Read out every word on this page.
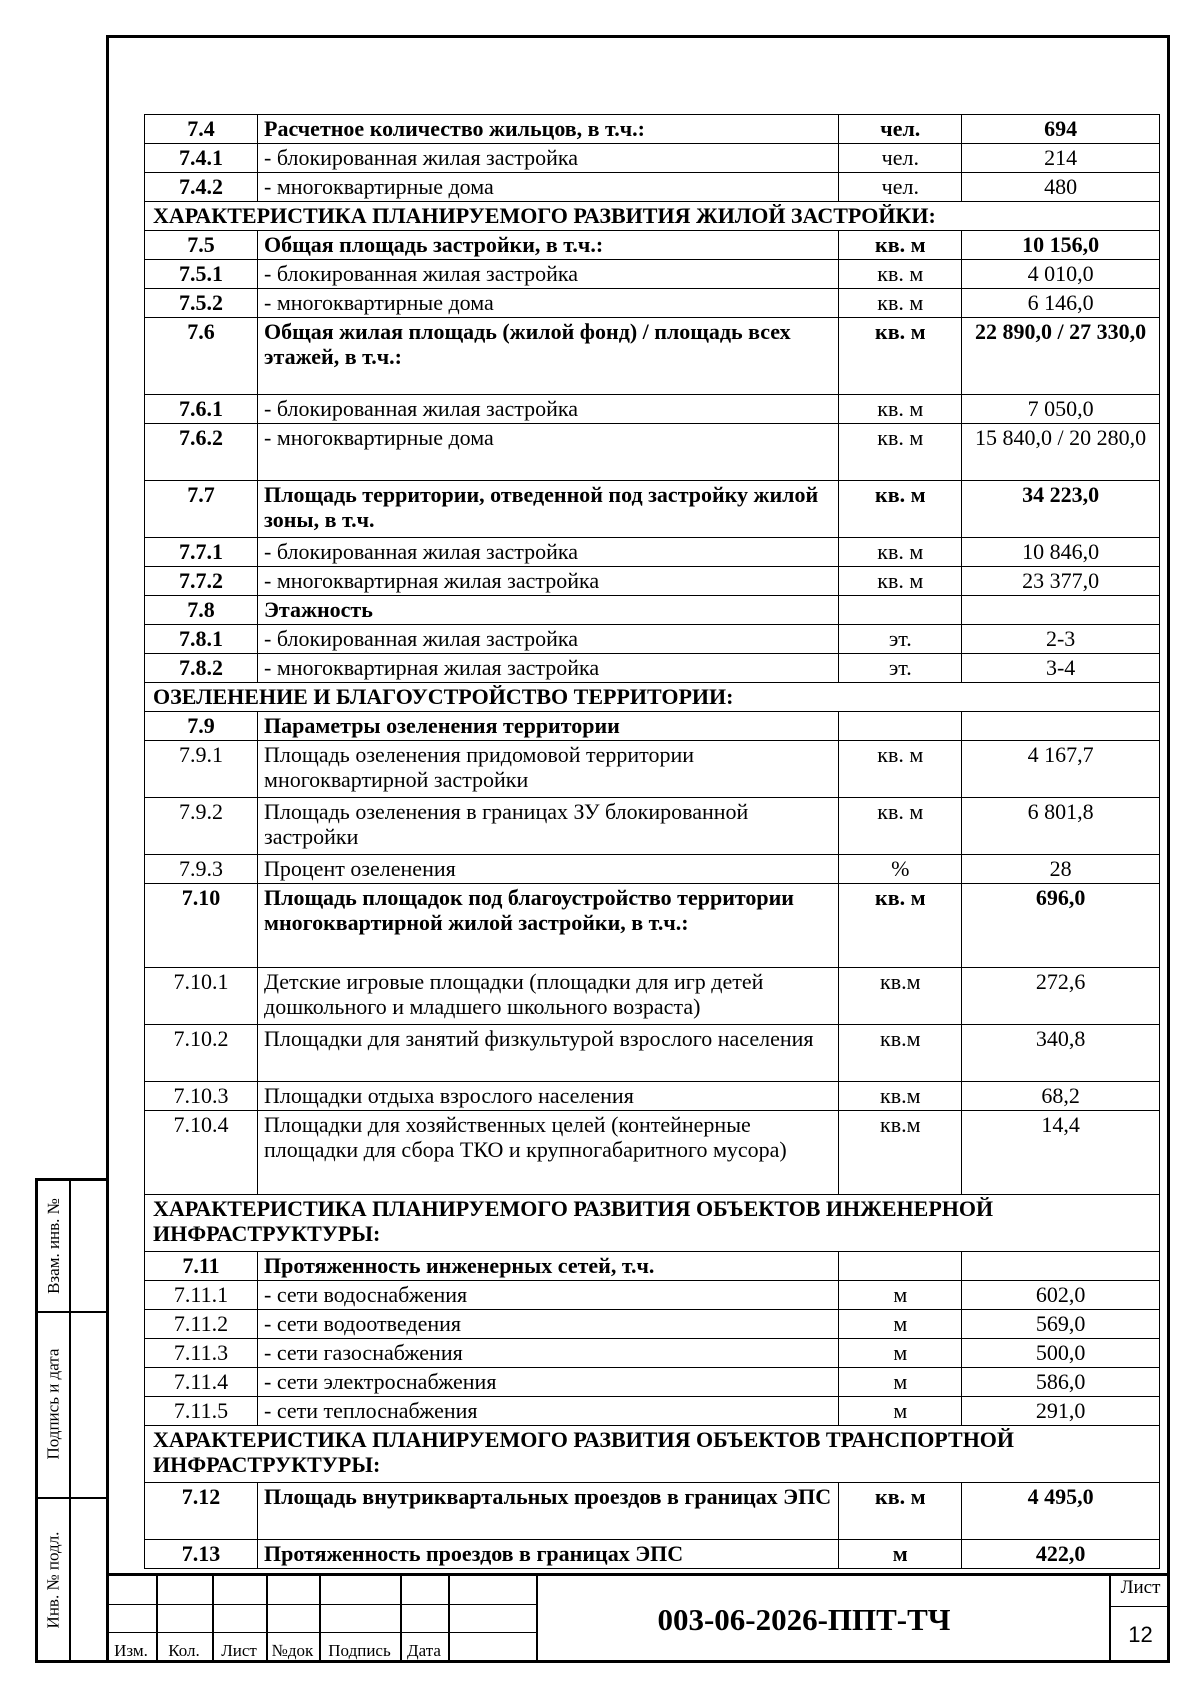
7.4	Расчетное количество жильцов, в т.ч.:	чел.	694
7.4.1	- блокированная жилая застройка	чел.	214
7.4.2	- многоквартирные дома	чел.	480
ХАРАКТЕРИСТИКА ПЛАНИРУЕМОГО РАЗВИТИЯ ЖИЛОЙ ЗАСТРОЙКИ:			
7.5	Общая площадь застройки, в т.ч.:	кв. м	10 156,0
7.5.1	- блокированная жилая застройка	кв. м	4 010,0
7.5.2	- многоквартирные дома	кв. м	6 146,0
7.6	Общая жилая площадь (жилой фонд) / площадь всех этажей, в т.ч.:	кв. м	22 890,0 / 27 330,0
7.6.1	- блокированная жилая застройка	кв. м	7 050,0
7.6.2	- многоквартирные дома	кв. м	15 840,0 / 20 280,0
7.7	Площадь территории, отведенной под застройку жилой зоны, в т.ч.	кв. м	34 223,0
7.7.1	- блокированная жилая застройка	кв. м	10 846,0
7.7.2	- многоквартирная жилая застройка	кв. м	23 377,0
7.8	Этажность		
7.8.1	- блокированная жилая застройка	эт.	2-3
7.8.2	- многоквартирная жилая застройка	эт.	3-4
ОЗЕЛЕНЕНИЕ И БЛАГОУСТРОЙСТВО ТЕРРИТОРИИ:			
7.9	Параметры озеленения территории		
7.9.1	Площадь озеленения придомовой территории многоквартирной застройки	кв. м	4 167,7
7.9.2	Площадь озеленения в границах ЗУ блокированной застройки	кв. м	6 801,8
7.9.3	Процент озеленения	%	28
7.10	Площадь площадок под благоустройство территории многоквартирной жилой застройки, в т.ч.:	кв. м	696,0
7.10.1	Детские игровые площадки (площадки для игр детей дошкольного и младшего школьного возраста)	кв.м	272,6
7.10.2	Площадки для занятий физкультурой взрослого населения	кв.м	340,8
7.10.3	Площадки отдыха взрослого населения	кв.м	68,2
7.10.4	Площадки для хозяйственных целей (контейнерные площадки для сбора ТКО и крупногабаритного мусора)	кв.м	14,4
ХАРАКТЕРИСТИКА ПЛАНИРУЕМОГО РАЗВИТИЯ ОБЪЕКТОВ ИНЖЕНЕРНОЙ ИНФРАСТРУКТУРЫ:			
7.11	Протяженность инженерных сетей, т.ч.		
7.11.1	- сети водоснабжения	м	602,0
7.11.2	- сети водоотведения	м	569,0
7.11.3	- сети газоснабжения	м	500,0
7.11.4	- сети электроснабжения	м	586,0
7.11.5	- сети теплоснабжения	м	291,0
ХАРАКТЕРИСТИКА ПЛАНИРУЕМОГО РАЗВИТИЯ ОБЪЕКТОВ ТРАНСПОРТНОЙ ИНФРАСТРУКТУРЫ:			
7.12	Площадь внутриквартальных проездов в границах ЭПС	кв. м	4 495,0
7.13	Протяженность проездов в границах ЭПС	м	422,0
Взам. инв. №
Подпись и дата
Инв. № подл.
Изм.	Кол.	Лист №док Подпись Дата
003-06-2026-ППТ-ТЧ
Лист
12
